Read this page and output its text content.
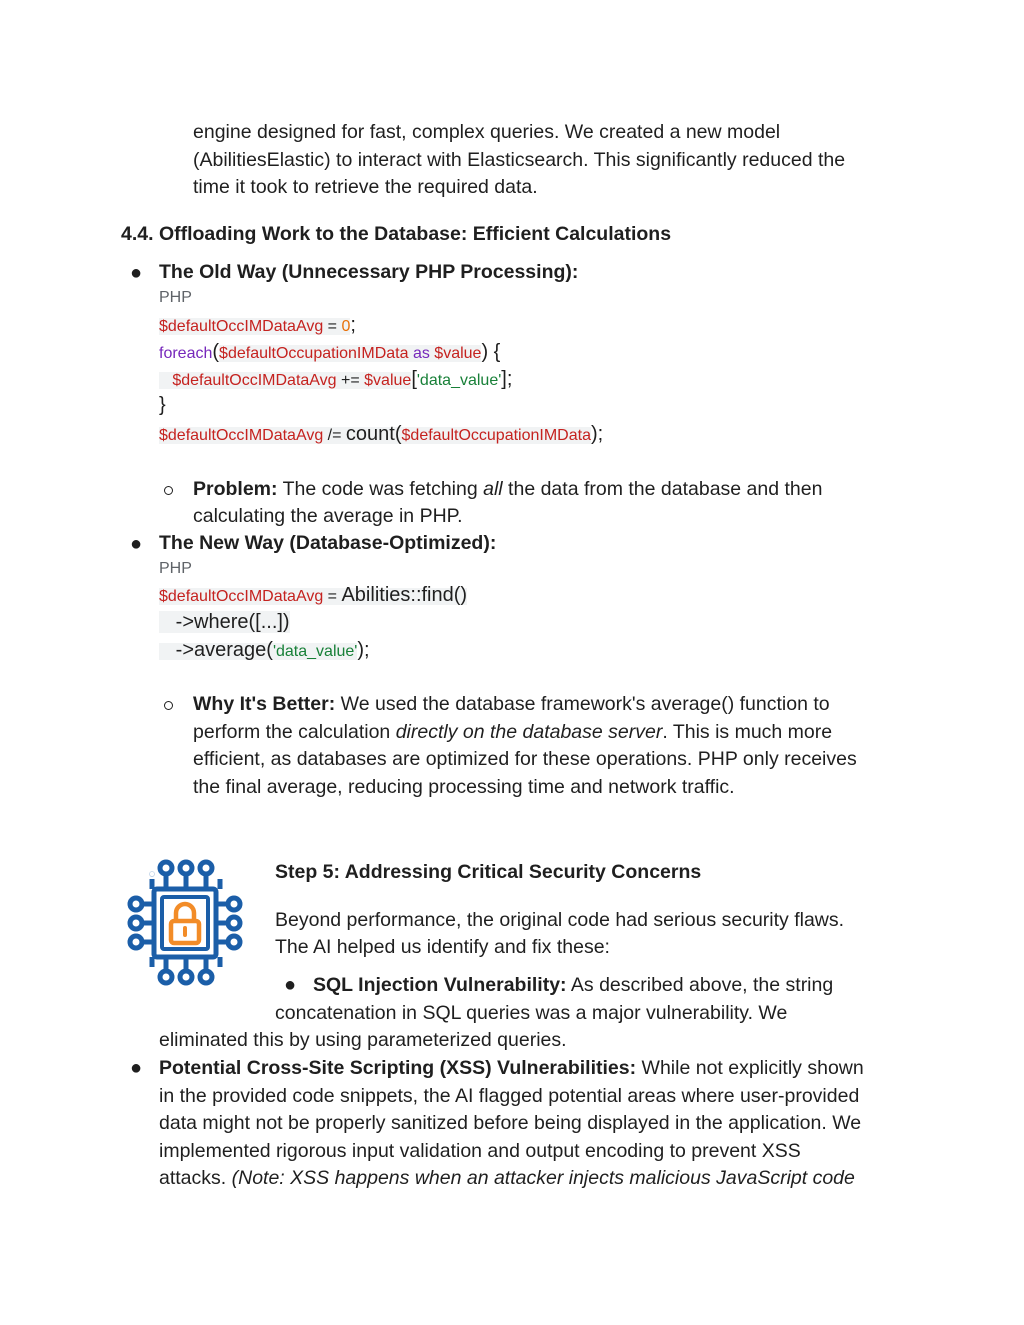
engine designed for fast, complex queries. We created a new model
(AbilitiesElastic) to interact with Elasticsearch. This significantly reduced the
time it took to retrieve the required data.
4.4. Offloading Work to the Database: Efficient Calculations
● The Old Way (Unnecessary PHP Processing):
PHP
$defaultOccIMDataAvg = 0;
foreach($defaultOccupationIMData as $value) {
$defaultOccIMDataAvg += $value['data_value'];
}
$defaultOccIMDataAvg /= count($defaultOccupationIMData);
Problem: The code was fetching all the data from the database and then
calculating the average in PHP.
● The New Way (Database-Optimized):
PHP
$defaultOccIMDataAvg = Abilities::find()
->where([...])
->average('data_value');
Why It's Better: We used the database framework's average() function to
perform the calculation directly on the database server. This is much more
efficient, as databases are optimized for these operations. PHP only receives
the final average, reducing processing time and network traffic.
Step 5: Addressing Critical Security Concerns
Beyond performance, the original code had serious security flaws.
The AI helped us identify and fix these:
● SQL Injection Vulnerability: As described above, the string
concatenation in SQL queries was a major vulnerability. We
eliminated this by using parameterized queries.
● Potential Cross-Site Scripting (XSS) Vulnerabilities: While not explicitly shown
in the provided code snippets, the AI flagged potential areas where user-provided
data might not be properly sanitized before being displayed in the application. We
implemented rigorous input validation and output encoding to prevent XSS
attacks. (Note: XSS happens when an attacker injects malicious JavaScript code
